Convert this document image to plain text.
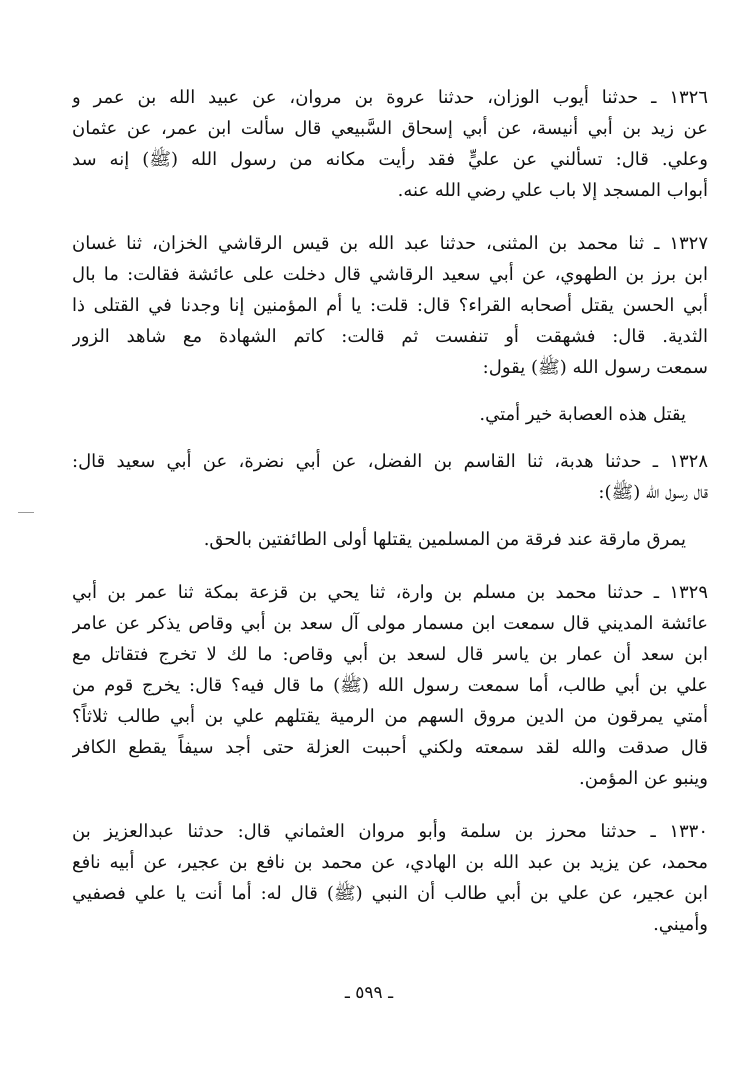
١٣٢٦ ـ حدثنا أيوب الوزان، حدثنا عروة بن مروان، عن عبيد الله بن عمر و
عن زيد بن أبي أنيسة، عن أبي إسحاق السَّبيعي قال سألت ابن عمر، عن عثمان
وعلي. قال: تسألني عن عليٍّ فقد رأيت مكانه من رسول الله (ﷺ) إنه سد
أبواب المسجد إلا باب علي رضي الله عنه.
١٣٢٧ ـ ثنا محمد بن المثنى، حدثنا عبد الله بن قيس الرقاشي الخزان، ثنا غسان
ابن برز بن الطهوي، عن أبي سعيد الرقاشي قال دخلت على عائشة فقالت: ما بال
أبي الحسن يقتل أصحابه القراء؟ قال: قلت: يا أم المؤمنين إنا وجدنا في القتلى ذا
الثدية. قال: فشهقت أو تنفست ثم قالت: كاتم الشهادة مع شاهد الزور
سمعت رسول الله (ﷺ) يقول:
يقتل هذه العصابة خير أمتي.
١٣٢٨ ـ حدثنا هدبة، ثنا القاسم بن الفضل، عن أبي نضرة، عن أبي سعيد قال:
قال رسول الله (ﷺ):
يمرق مارقة عند فرقة من المسلمين يقتلها أولى الطائفتين بالحق.
١٣٢٩ ـ حدثنا محمد بن مسلم بن وارة، ثنا يحي بن قزعة بمكة ثنا عمر بن أبي
عائشة المديني قال سمعت ابن مسمار مولى آل سعد بن أبي وقاص يذكر عن عامر
ابن سعد أن عمار بن ياسر قال لسعد بن أبي وقاص: ما لك لا تخرج فتقاتل مع
علي بن أبي طالب، أما سمعت رسول الله (ﷺ) ما قال فيه؟ قال: يخرج قوم من
أمتي يمرقون من الدين مروق السهم من الرمية يقتلهم علي بن أبي طالب ثلاثاً؟
قال صدقت والله لقد سمعته ولكني أحببت العزلة حتى أجد سيفاً يقطع الكافر
وينبو عن المؤمن.
١٣٣٠ ـ حدثنا محرز بن سلمة وأبو مروان العثماني قال: حدثنا عبدالعزيز بن
محمد، عن يزيد بن عبد الله بن الهادي، عن محمد بن نافع بن عجير، عن أبيه نافع
ابن عجير، عن علي بن أبي طالب أن النبي (ﷺ) قال له: أما أنت يا علي فصفيي
وأميني.
ـ ٥٩٩ ـ
